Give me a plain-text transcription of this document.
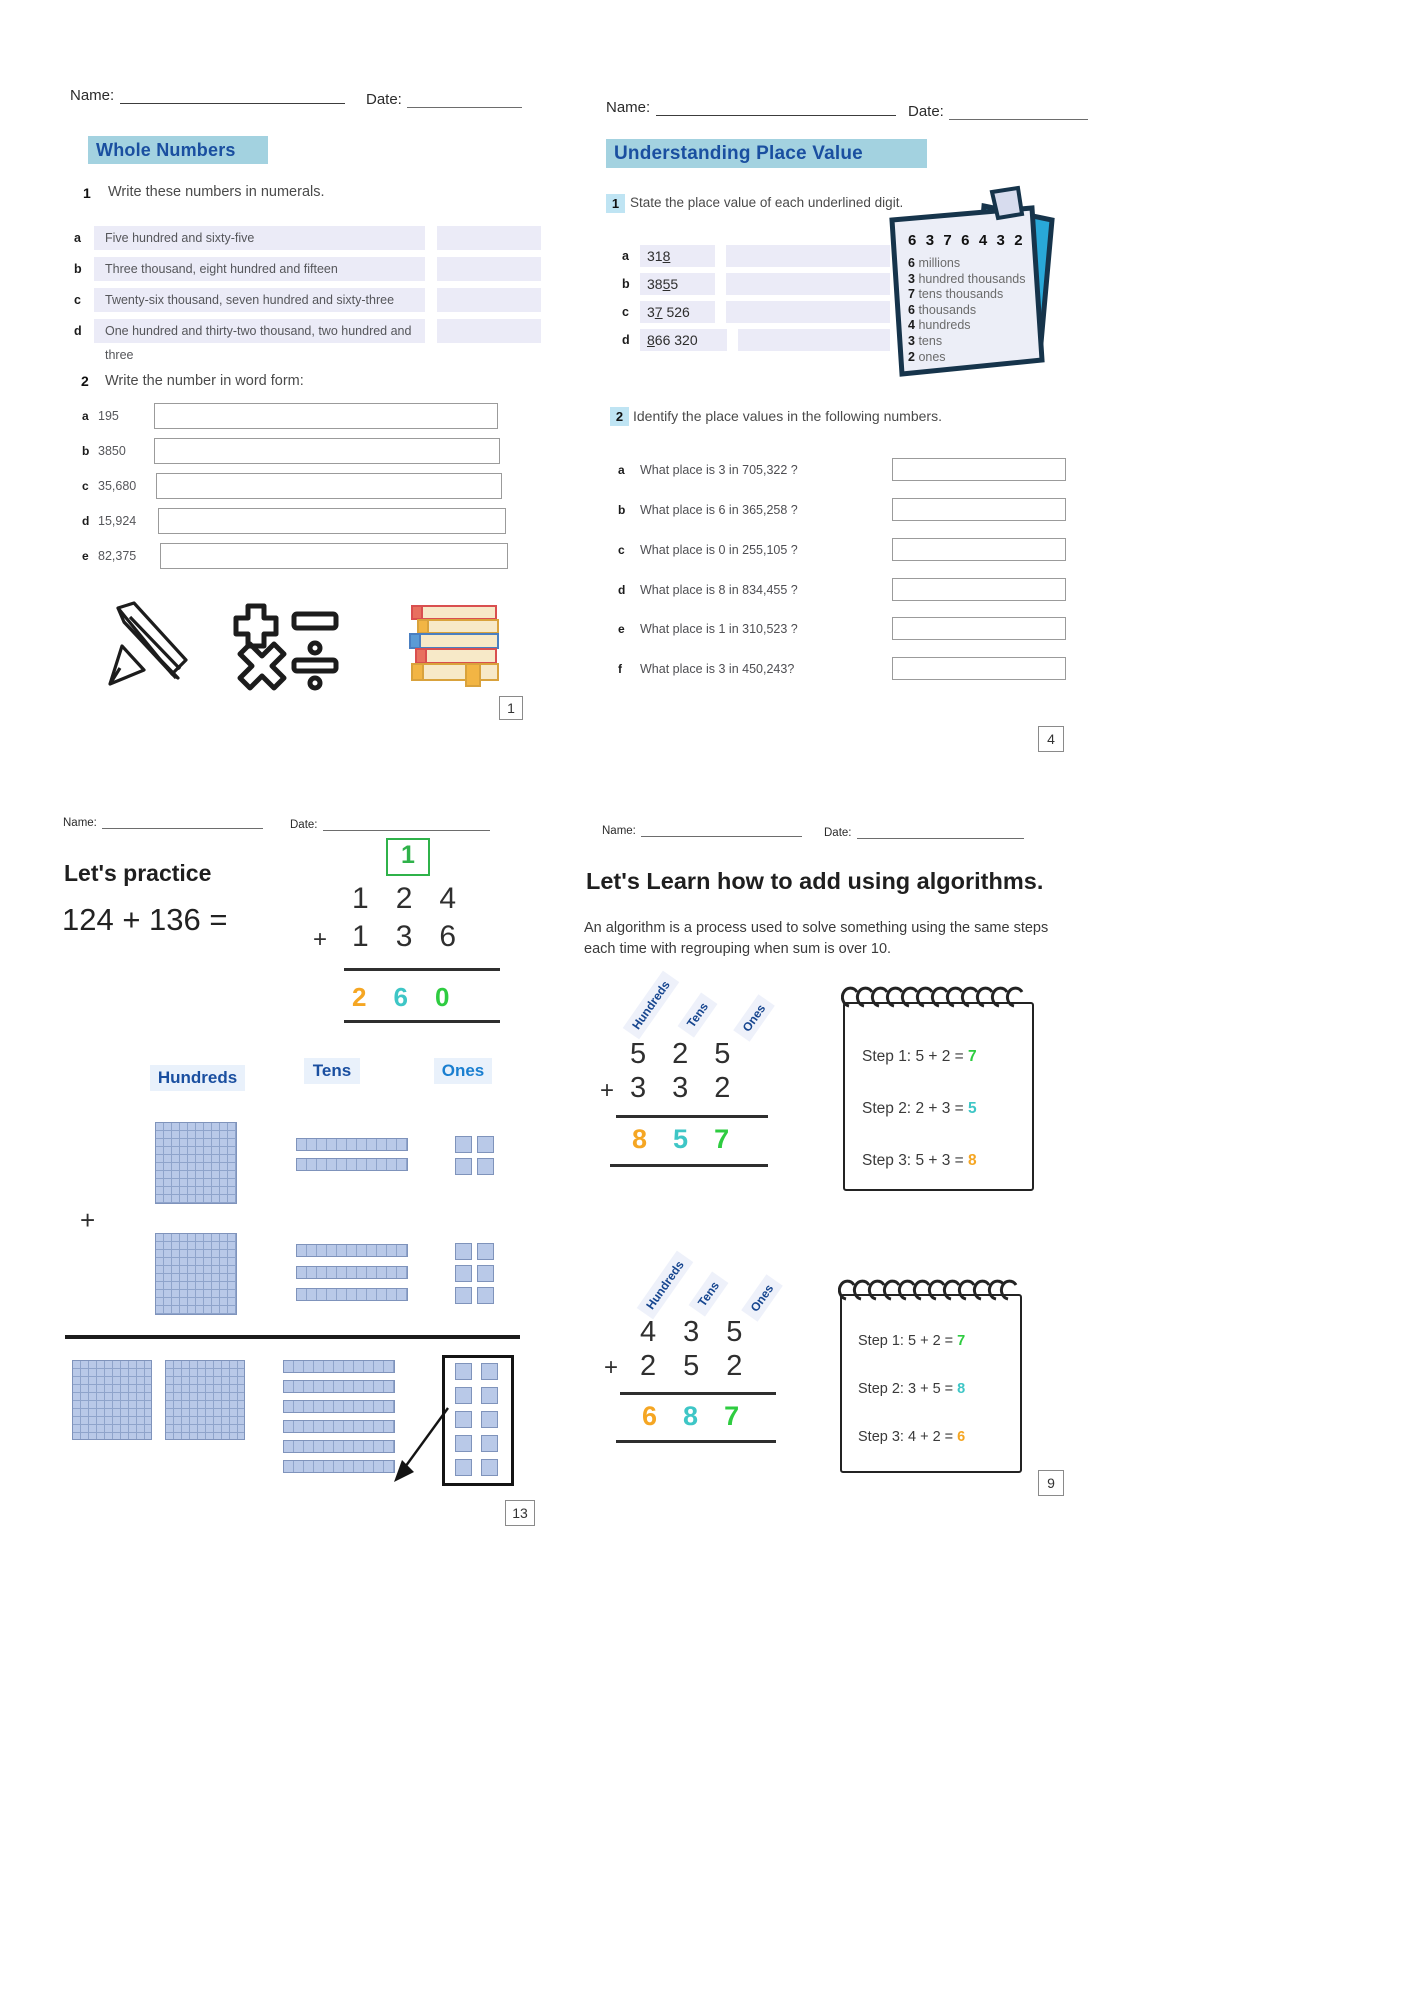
Name:	Date:
Whole Numbers
1 Write these numbers in numerals.
a	Five hundred and sixty-five
b	Three thousand, eight hundred and fifteen
c	Twenty-six thousand, seven hundred and sixty-three
d	One hundred and thirty-two thousand, two hundred and three
2 Write the number in word form:
a 195
b 3850
c 35,680
d 15,924
e 82,375
1
Name:	Date:
Understanding Place Value
1 State the place value of each underlined digit.
a	318
b	3855
c	37 526
d	866 320
6 3 7 6 4 3 2
6 millions
3 hundred thousands
7 tens thousands
6 thousands
4 hundreds
3 tens
2 ones
2 Identify the place values in the following numbers.
a	What place is 3 in 705,322 ?
b	What place is 6 in 365,258 ?
c	What place is 0 in 255,105 ?
d	What place is 8 in 834,455 ?
e	What place is 1 in 310,523 ?
f	What place is 3 in 450,243?
4
Name:	Date:
Let's practice
124 + 136 =
1
1 2 4
+ 1 3 6
2 6 0
Hundreds	Tens	Ones
+
13
Name:	Date:
Let's Learn how to add using algorithms.
An algorithm is a process used to solve something using the same steps each time with regrouping when sum is over 10.
Hundreds Tens	Ones
5 2 5
+ 3 3 2
8 5 7
Step 1: 5 + 2 = 7
Step 2: 2 + 3 = 5
Step 3: 5 + 3 = 8
Hundreds Tens	Ones
4 3 5
+ 2 5 2
6 8 7
Step 1: 5 + 2 = 7
Step 2: 3 + 5 = 8
Step 3: 4 + 2 = 6
9
